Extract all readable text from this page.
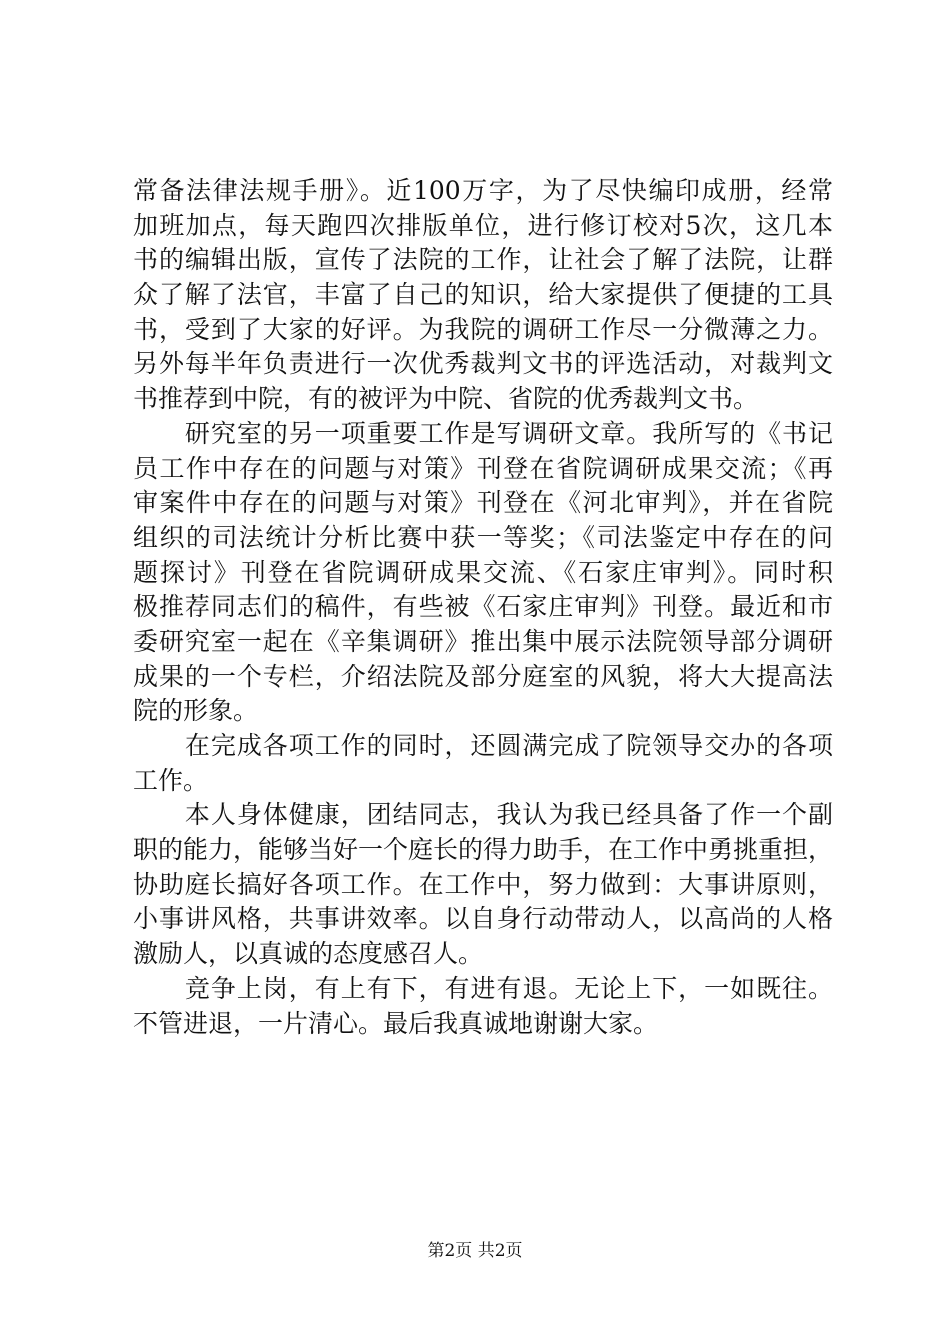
常备法律法规手册》。近100万字，为了尽快编印成册，经常
加班加点，每天跑四次排版单位，进行修订校对5次，这几本
书的编辑出版，宣传了法院的工作，让社会了解了法院，让群
众了解了法官，丰富了自己的知识，给大家提供了便捷的工具
书，受到了大家的好评。为我院的调研工作尽一分微薄之力。
另外每半年负责进行一次优秀裁判文书的评选活动，对裁判文
书推荐到中院，有的被评为中院、省院的优秀裁判文书。
　　研究室的另一项重要工作是写调研文章。我所写的《书记
员工作中存在的问题与对策》刊登在省院调研成果交流；《再
审案件中存在的问题与对策》刊登在《河北审判》，并在省院
组织的司法统计分析比赛中获一等奖；《司法鉴定中存在的问
题探讨》刊登在省院调研成果交流、《石家庄审判》。同时积
极推荐同志们的稿件，有些被《石家庄审判》刊登。最近和市
委研究室一起在《辛集调研》推出集中展示法院领导部分调研
成果的一个专栏，介绍法院及部分庭室的风貌，将大大提高法
院的形象。
　　在完成各项工作的同时，还圆满完成了院领导交办的各项
工作。
　　本人身体健康，团结同志，我认为我已经具备了作一个副
职的能力，能够当好一个庭长的得力助手，在工作中勇挑重担，
协助庭长搞好各项工作。在工作中，努力做到：大事讲原则，
小事讲风格，共事讲效率。以自身行动带动人，以高尚的人格
激励人，以真诚的态度感召人。
　　竞争上岗，有上有下，有进有退。无论上下，一如既往。
不管进退，一片清心。最后我真诚地谢谢大家。
第2页 共2页
